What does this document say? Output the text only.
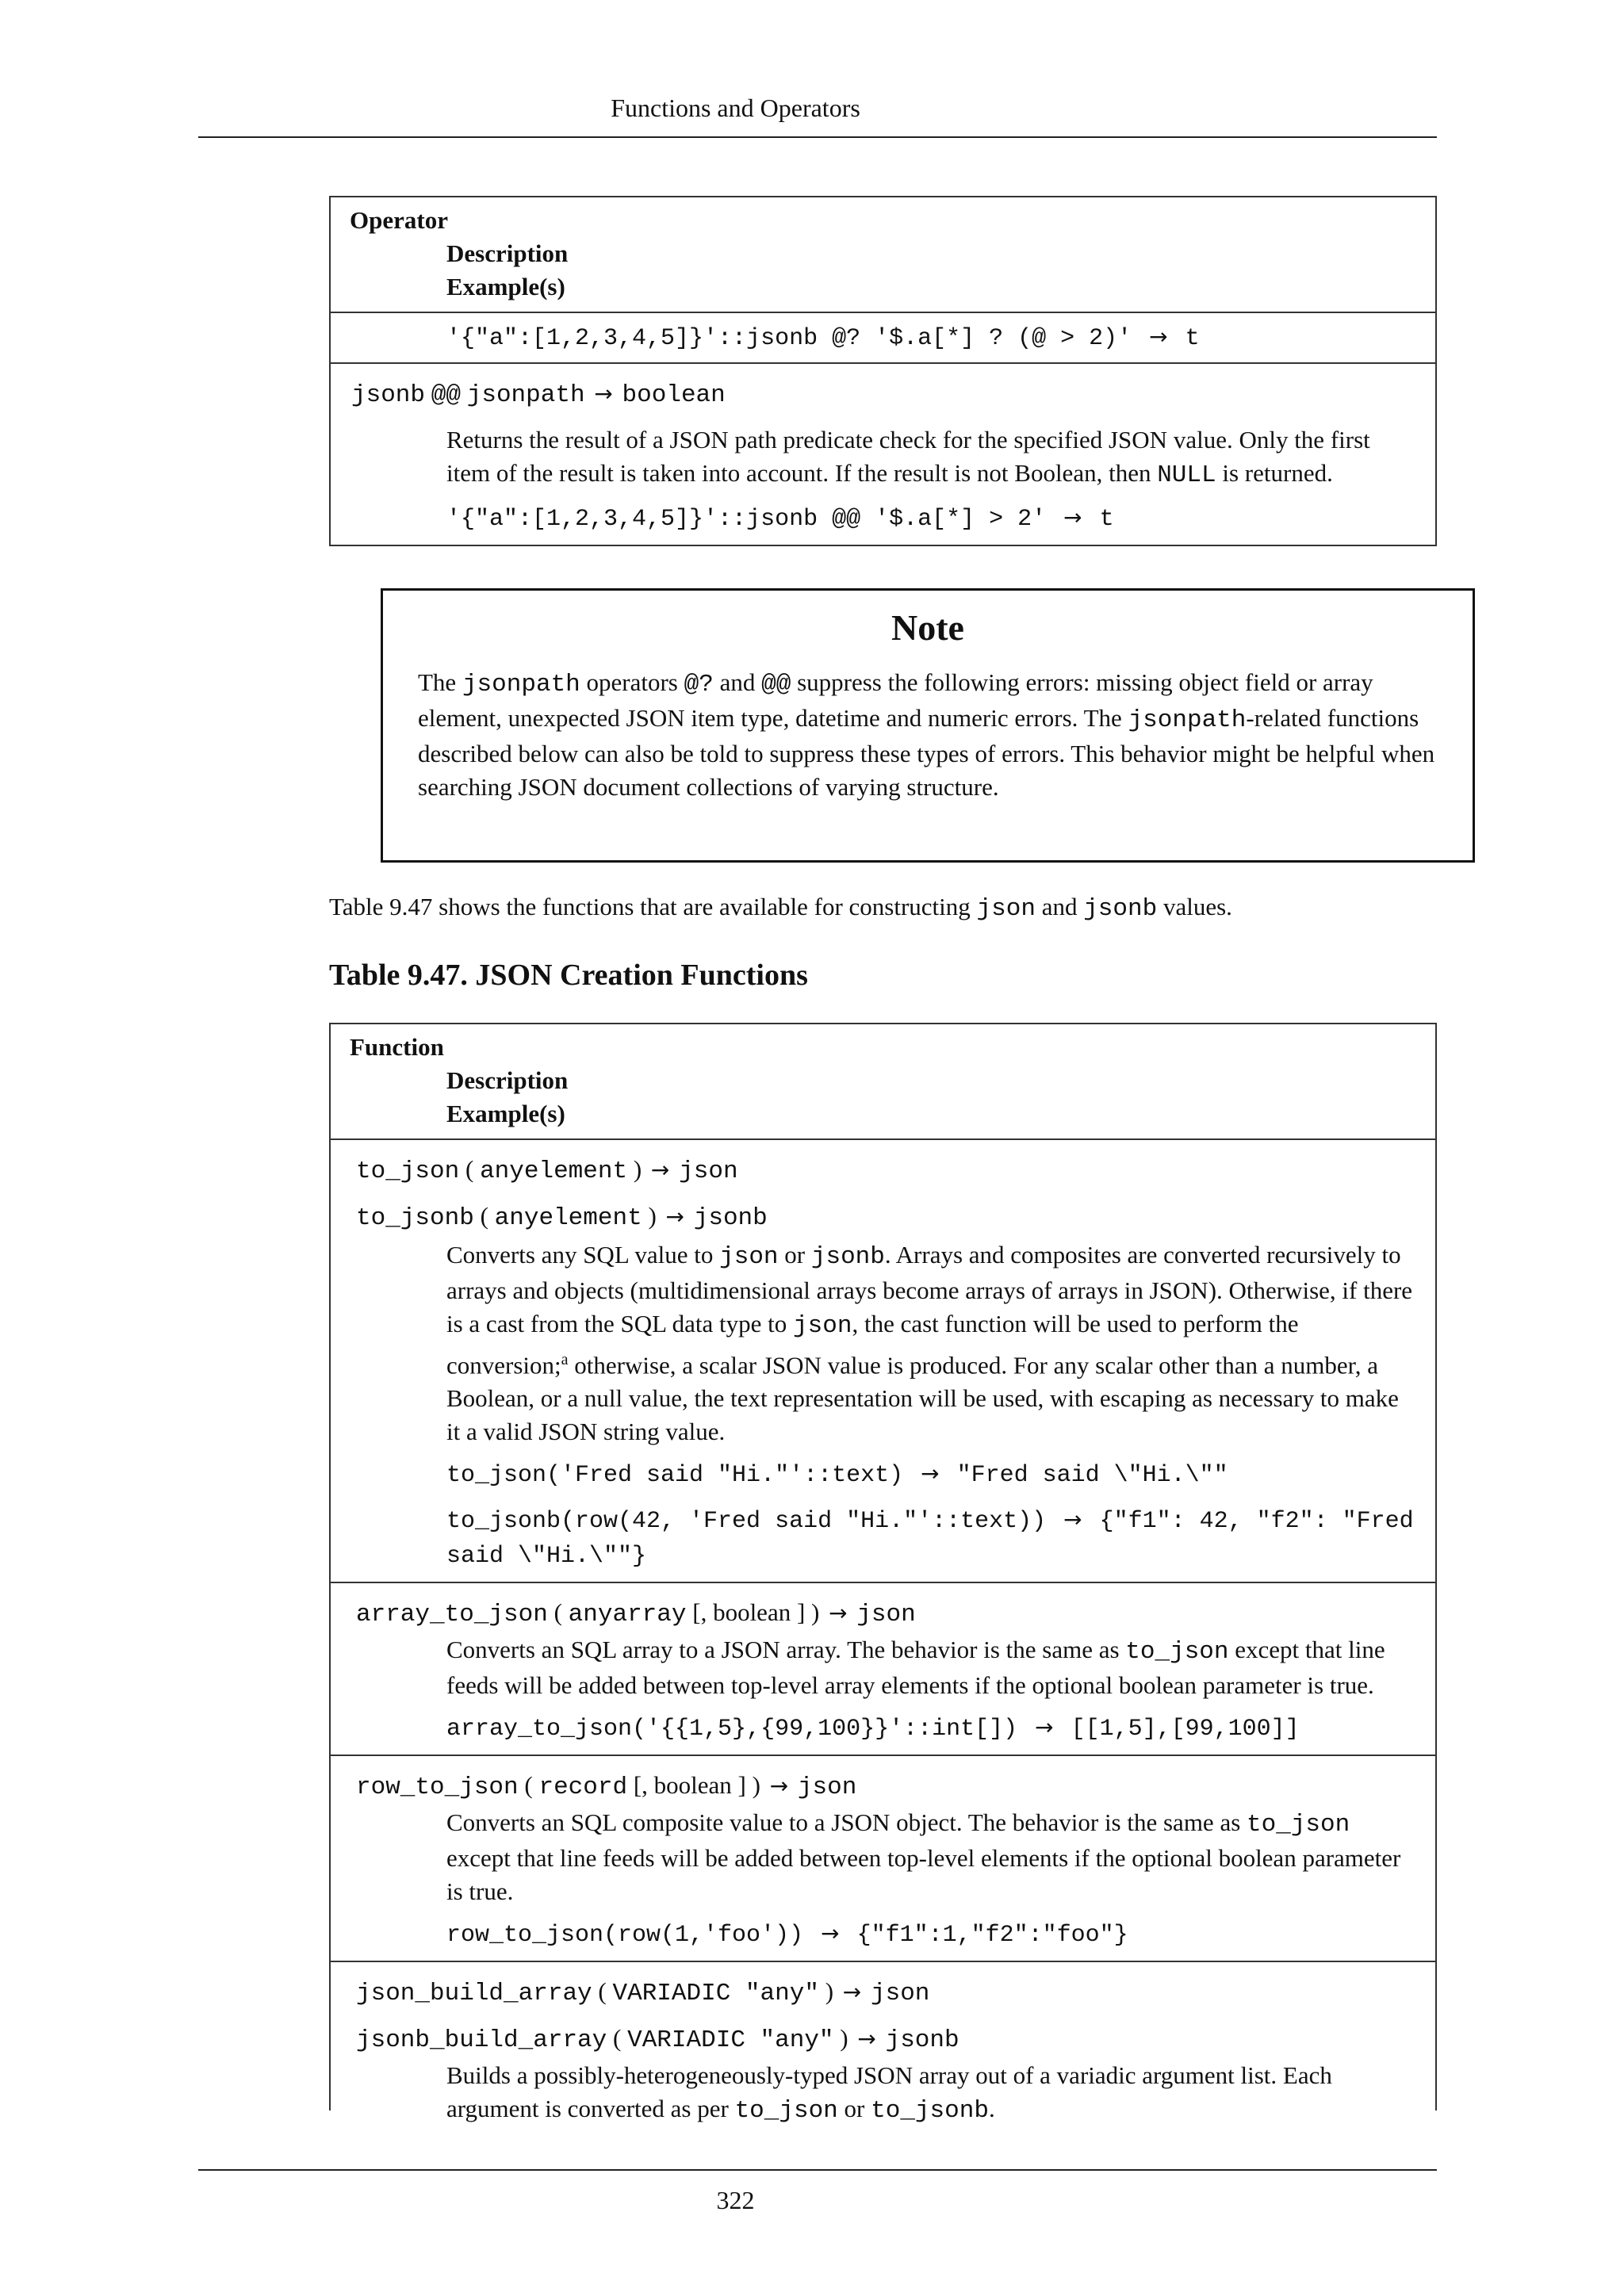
Functions and Operators
Operator
Description
Example(s)
'{"a":[1,2,3,4,5]}'::jsonb @? '$.a[*] ? (@ > 2)' → t
jsonb @@ jsonpath → boolean
Returns the result of a JSON path predicate check for the specified JSON value. Only the first item of the result is taken into account. If the result is not Boolean, then NULL is returned.
'{"a":[1,2,3,4,5]}'::jsonb @@ '$.a[*] > 2' → t
Note
The jsonpath operators @? and @@ suppress the following errors: missing object field or array element, unexpected JSON item type, datetime and numeric errors. The jsonpath-related functions described below can also be told to suppress these types of errors. This behavior might be helpful when searching JSON document collections of varying structure.
Table 9.47 shows the functions that are available for constructing json and jsonb values.
Table 9.47. JSON Creation Functions
Function
Description
Example(s)
to_json ( anyelement ) → json
to_jsonb ( anyelement ) → jsonb
Converts any SQL value to json or jsonb. Arrays and composites are converted recursively to arrays and objects (multidimensional arrays become arrays of arrays in JSON). Otherwise, if there is a cast from the SQL data type to json, the cast function will be used to perform the conversion;$^a$ otherwise, a scalar JSON value is produced. For any scalar other than a number, a Boolean, or a null value, the text representation will be used, with escaping as necessary to make it a valid JSON string value.
to_json('Fred said "Hi."'::text) → "Fred said \"Hi.\""
to_jsonb(row(42, 'Fred said "Hi."'::text)) → {"f1": 42, "f2": "Fred said \"Hi.\""}
array_to_json ( anyarray [, boolean ] ) → json
Converts an SQL array to a JSON array. The behavior is the same as to_json except that line feeds will be added between top-level array elements if the optional boolean parameter is true.
array_to_json('{{1,5},{99,100}}'::int[]) → [[1,5],[99,100]]
row_to_json ( record [, boolean ] ) → json
Converts an SQL composite value to a JSON object. The behavior is the same as to_json except that line feeds will be added between top-level elements if the optional boolean parameter is true.
row_to_json(row(1,'foo')) → {"f1":1,"f2":"foo"}
json_build_array ( VARIADIC "any" ) → json
jsonb_build_array ( VARIADIC "any" ) → jsonb
Builds a possibly-heterogeneously-typed JSON array out of a variadic argument list. Each argument is converted as per to_json or to_jsonb.
322
